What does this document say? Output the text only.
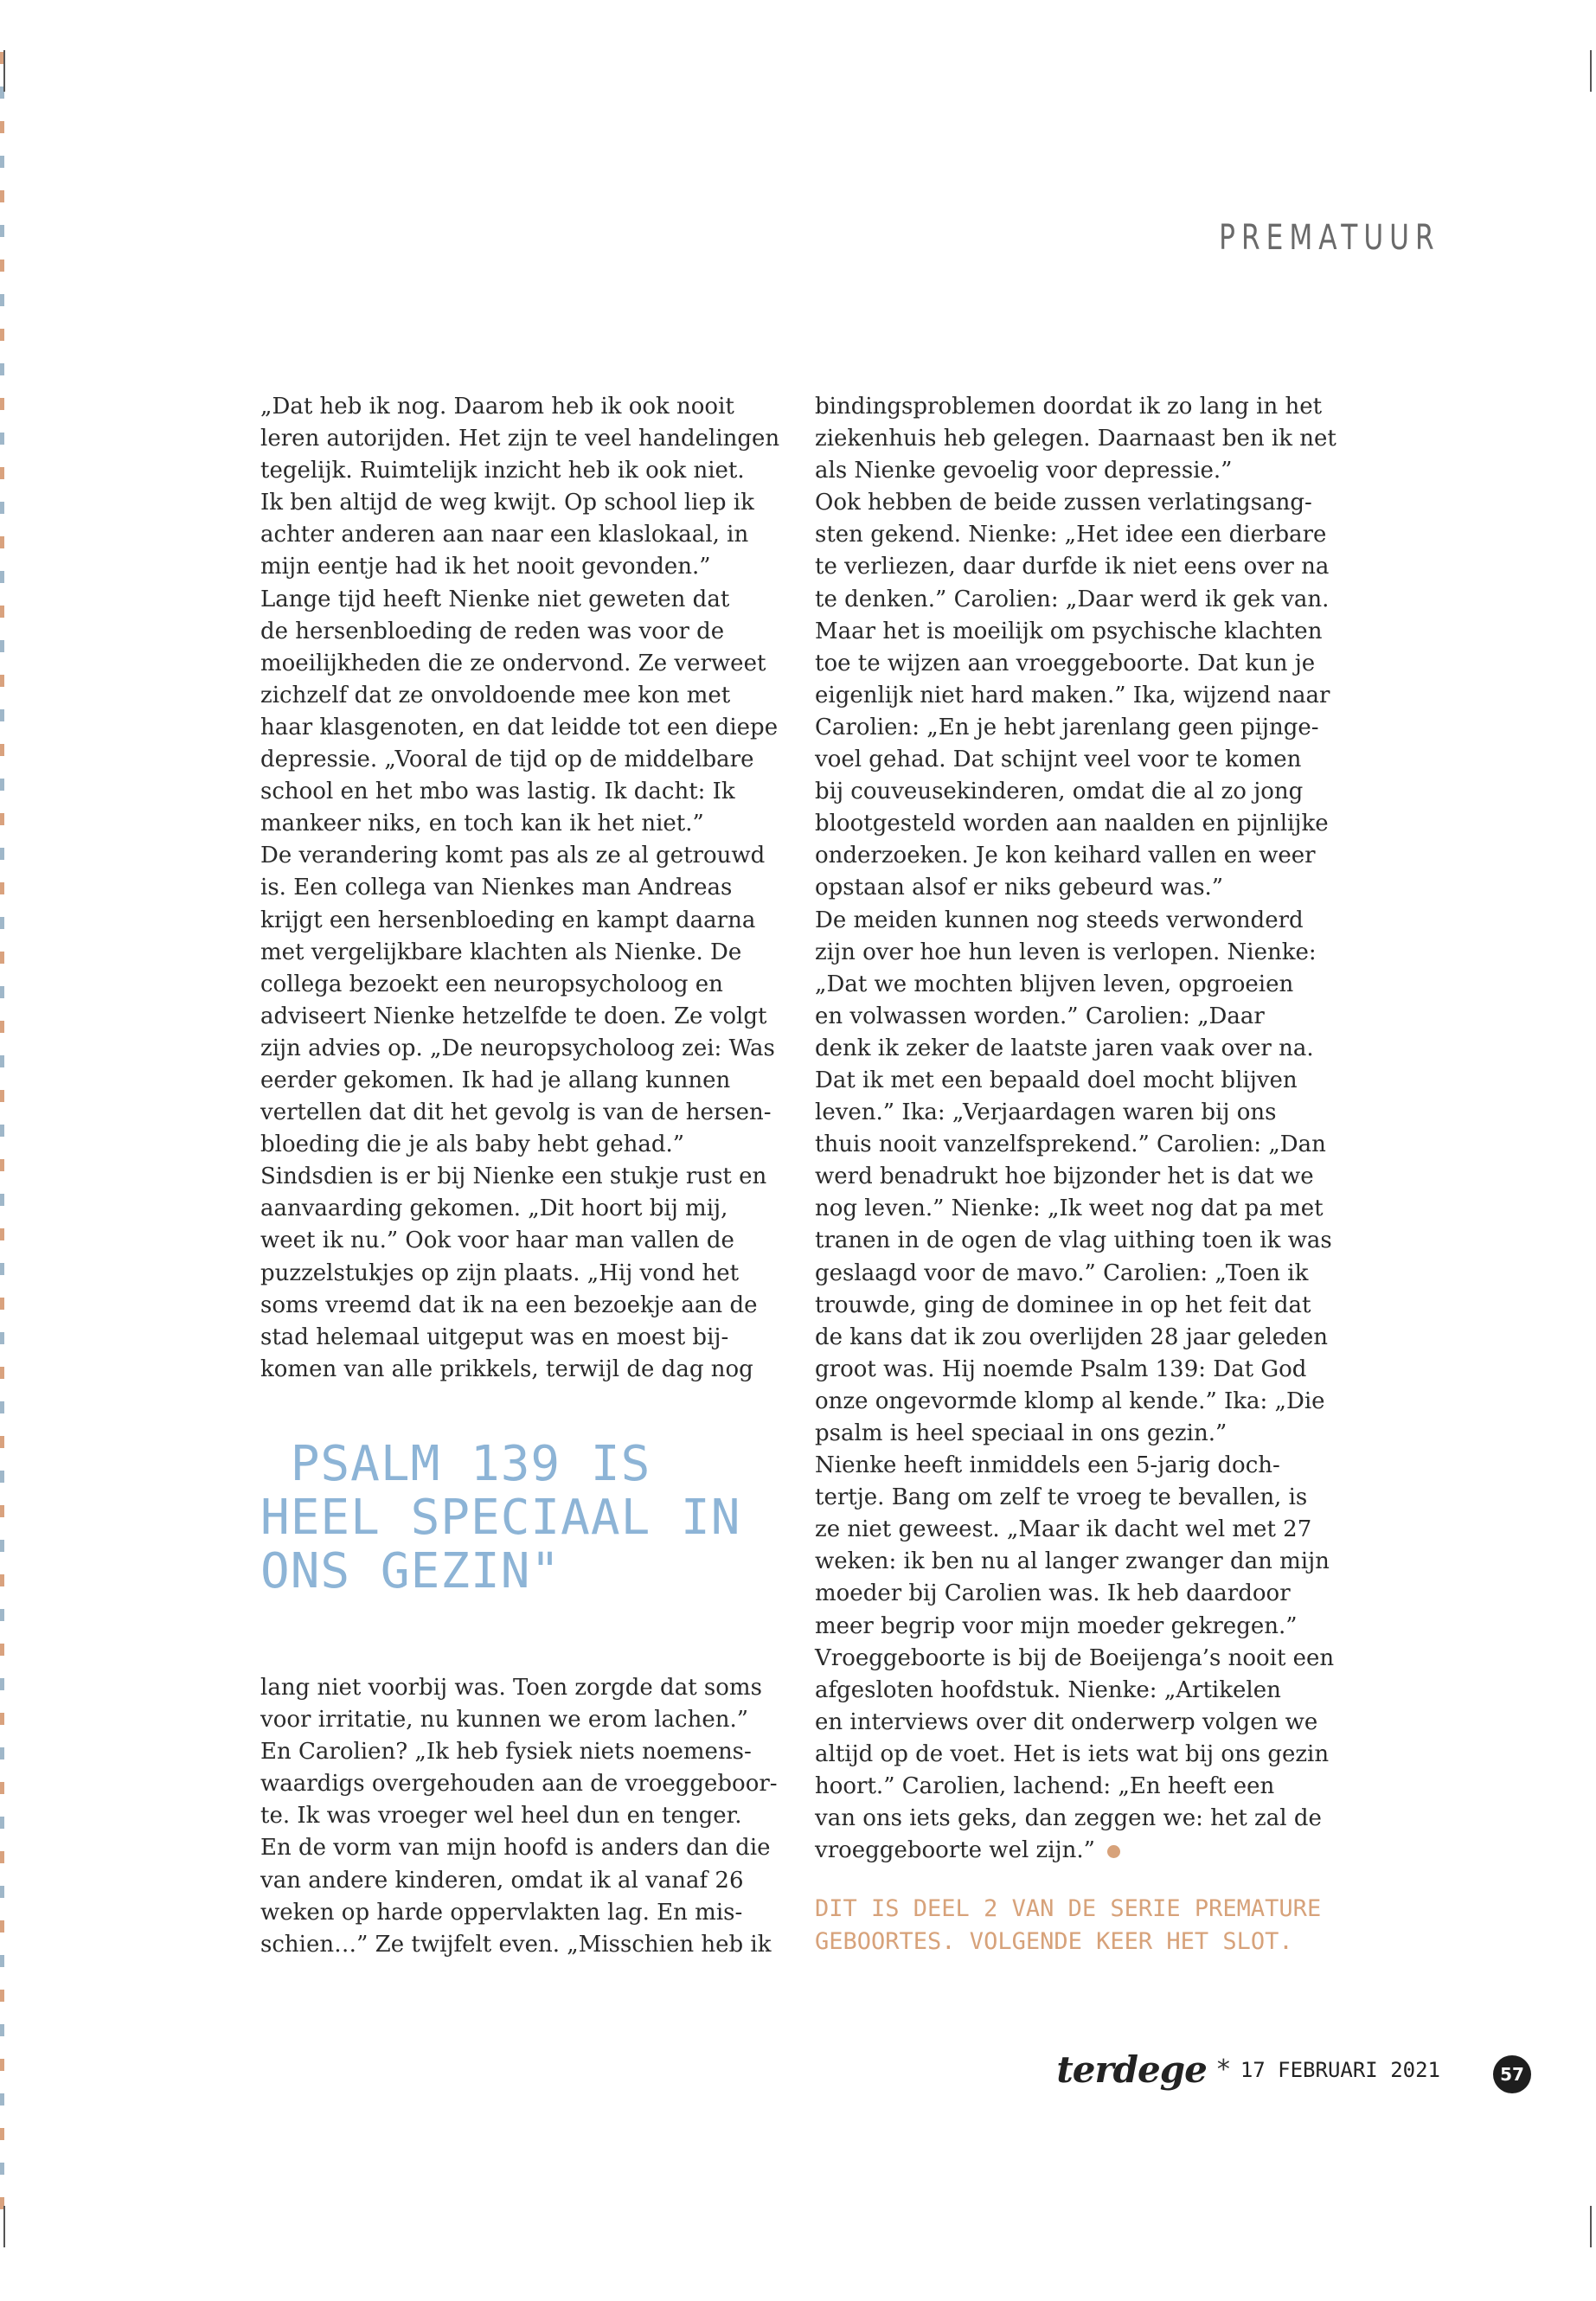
PREMATUUR

„Dat heb ik nog. Daarom heb ik ook nooit

leren autorijden. Het zijn te veel handelingen

tegelijk. Ruimtelijk inzicht heb ik ook niet.

Ik ben altijd de weg kwijt. Op school liep ik

achter anderen aan naar een klaslokaal, in

mijn eentje had ik het nooit gevonden.”

Lange tijd heeft Nienke niet geweten dat

de hersenbloeding de reden was voor de

moeilijkheden die ze ondervond. Ze verweet

zichzelf dat ze onvoldoende mee kon met

haar klasgenoten, en dat leidde tot een diepe

depressie. „Vooral de tijd op de middelbare

school en het mbo was lastig. Ik dacht: Ik

mankeer niks, en toch kan ik het niet.”

De verandering komt pas als ze al getrouwd

is. Een collega van Nienkes man Andreas

krijgt een hersenbloeding en kampt daarna

met vergelijkbare klachten als Nienke. De

collega bezoekt een neuropsycholoog en

adviseert Nienke hetzelfde te doen. Ze volgt

zijn advies op. „De neuropsycholoog zei: Was

eerder gekomen. Ik had je allang kunnen

vertellen dat dit het gevolg is van de hersen-

bloeding die je als baby hebt gehad.”

Sindsdien is er bij Nienke een stukje rust en

aanvaarding gekomen. „Dit hoort bij mij,

weet ik nu.” Ook voor haar man vallen de

puzzelstukjes op zijn plaats. „Hij vond het

soms vreemd dat ik na een bezoekje aan de

stad helemaal uitgeput was en moest bij-

komen van alle prikkels, terwijl de dag nog

PSALM 139 IS
HEEL SPECIAAL IN
ONS GEZIN"

lang niet voorbij was. Toen zorgde dat soms

voor irritatie, nu kunnen we erom lachen.”

En Carolien? „Ik heb fysiek niets noemens-

waardigs overgehouden aan de vroeggeboor-

te. Ik was vroeger wel heel dun en tenger.

En de vorm van mijn hoofd is anders dan die

van andere kinderen, omdat ik al vanaf 26

weken op harde oppervlakten lag. En mis-

schien…” Ze twijfelt even. „Misschien heb ik

bindingsproblemen doordat ik zo lang in het

ziekenhuis heb gelegen. Daarnaast ben ik net

als Nienke gevoelig voor depressie.”

Ook hebben de beide zussen verlatingsang-

sten gekend. Nienke: „Het idee een dierbare

te verliezen, daar durfde ik niet eens over na

te denken.” Carolien: „Daar werd ik gek van.

Maar het is moeilijk om psychische klachten

toe te wijzen aan vroeggeboorte. Dat kun je

eigenlijk niet hard maken.” Ika, wijzend naar

Carolien: „En je hebt jarenlang geen pijnge-

voel gehad. Dat schijnt veel voor te komen

bij couveusekinderen, omdat die al zo jong

blootgesteld worden aan naalden en pijnlijke

onderzoeken. Je kon keihard vallen en weer

opstaan alsof er niks gebeurd was.”

De meiden kunnen nog steeds verwonderd

zijn over hoe hun leven is verlopen. Nienke:

„Dat we mochten blijven leven, opgroeien

en volwassen worden.” Carolien: „Daar

denk ik zeker de laatste jaren vaak over na.

Dat ik met een bepaald doel mocht blijven

leven.” Ika: „Verjaardagen waren bij ons

thuis nooit vanzelfsprekend.” Carolien: „Dan

werd benadrukt hoe bijzonder het is dat we

nog leven.” Nienke: „Ik weet nog dat pa met

tranen in de ogen de vlag uithing toen ik was

geslaagd voor de mavo.” Carolien: „Toen ik

trouwde, ging de dominee in op het feit dat

de kans dat ik zou overlijden 28 jaar geleden

groot was. Hij noemde Psalm 139: Dat God

onze ongevormde klomp al kende.” Ika: „Die

psalm is heel speciaal in ons gezin.”

Nienke heeft inmiddels een 5-jarig doch-

tertje. Bang om zelf te vroeg te bevallen, is

ze niet geweest. „Maar ik dacht wel met 27

weken: ik ben nu al langer zwanger dan mijn

moeder bij Carolien was. Ik heb daardoor

meer begrip voor mijn moeder gekregen.”

Vroeggeboorte is bij de Boeijenga’s nooit een

afgesloten hoofdstuk. Nienke: „Artikelen

en interviews over dit onderwerp volgen we

altijd op de voet. Het is iets wat bij ons gezin

hoort.” Carolien, lachend: „En heeft een

van ons iets geks, dan zeggen we: het zal de

vroeggeboorte wel zijn.”

DIT IS DEEL 2 VAN DE SERIE PREMATURE
GEBOORTES. VOLGENDE KEER HET SLOT.
terdege * 17 FEBRUARI 2021	57
